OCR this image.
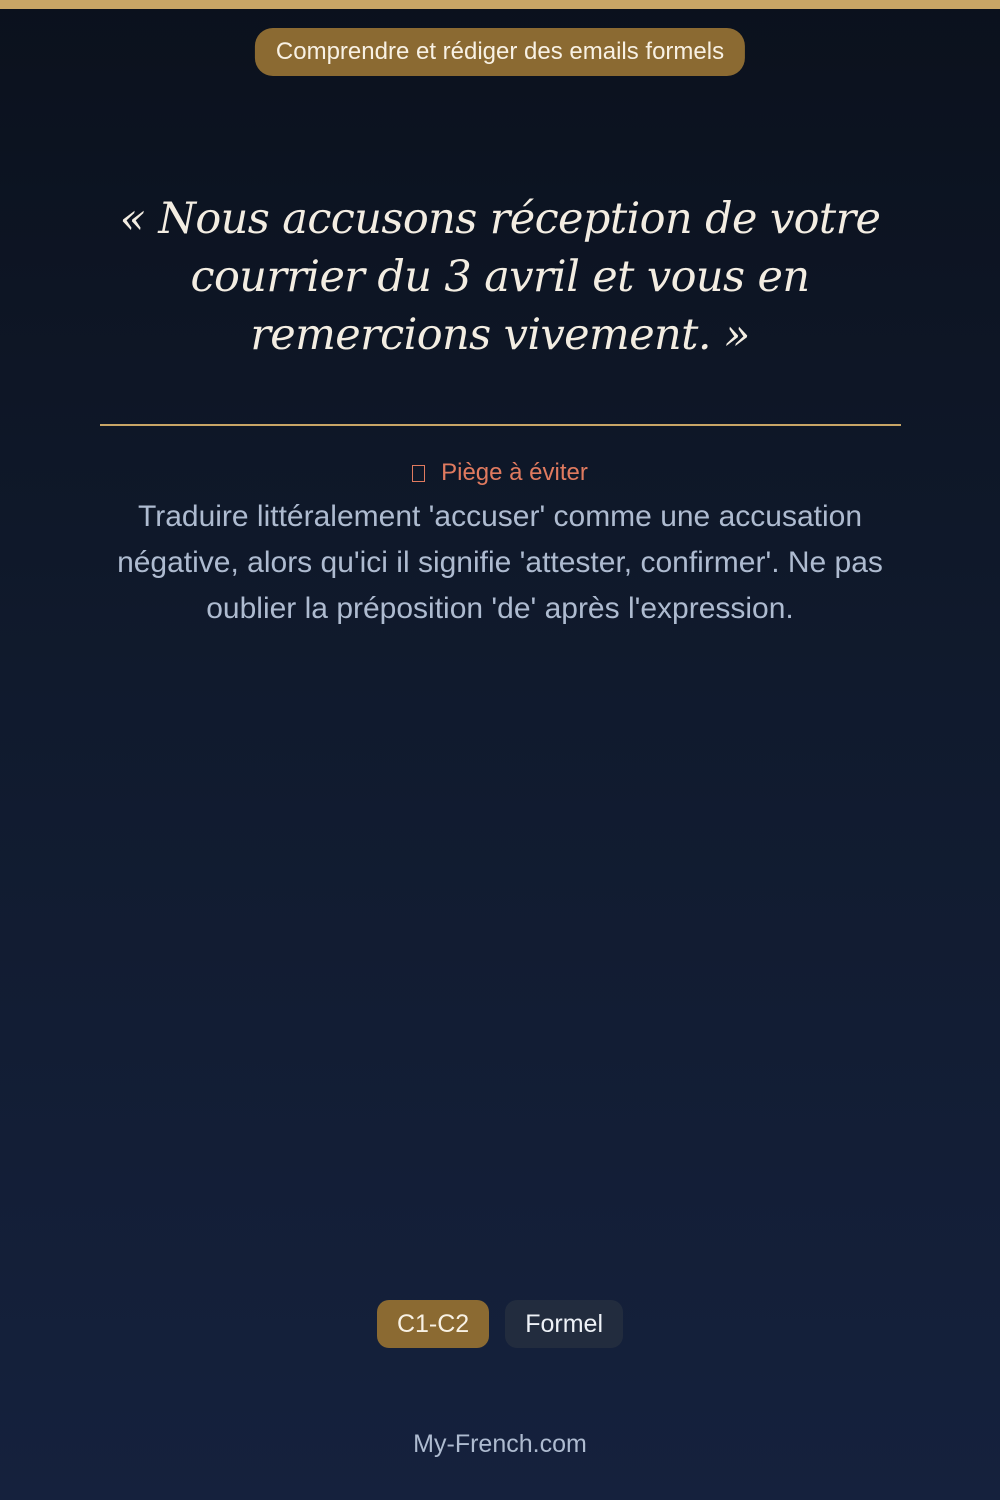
Comprendre et rédiger des emails formels

« Nous accusons réception de votre courrier du 3 avril et vous en remercions vivement. »

Piège à éviter

Traduire littéralement 'accuser' comme une accusation négative, alors qu'ici il signifie 'attester, confirmer'. Ne pas oublier la préposition 'de' après l'expression.

C1-C2	Formel
My-French.com
